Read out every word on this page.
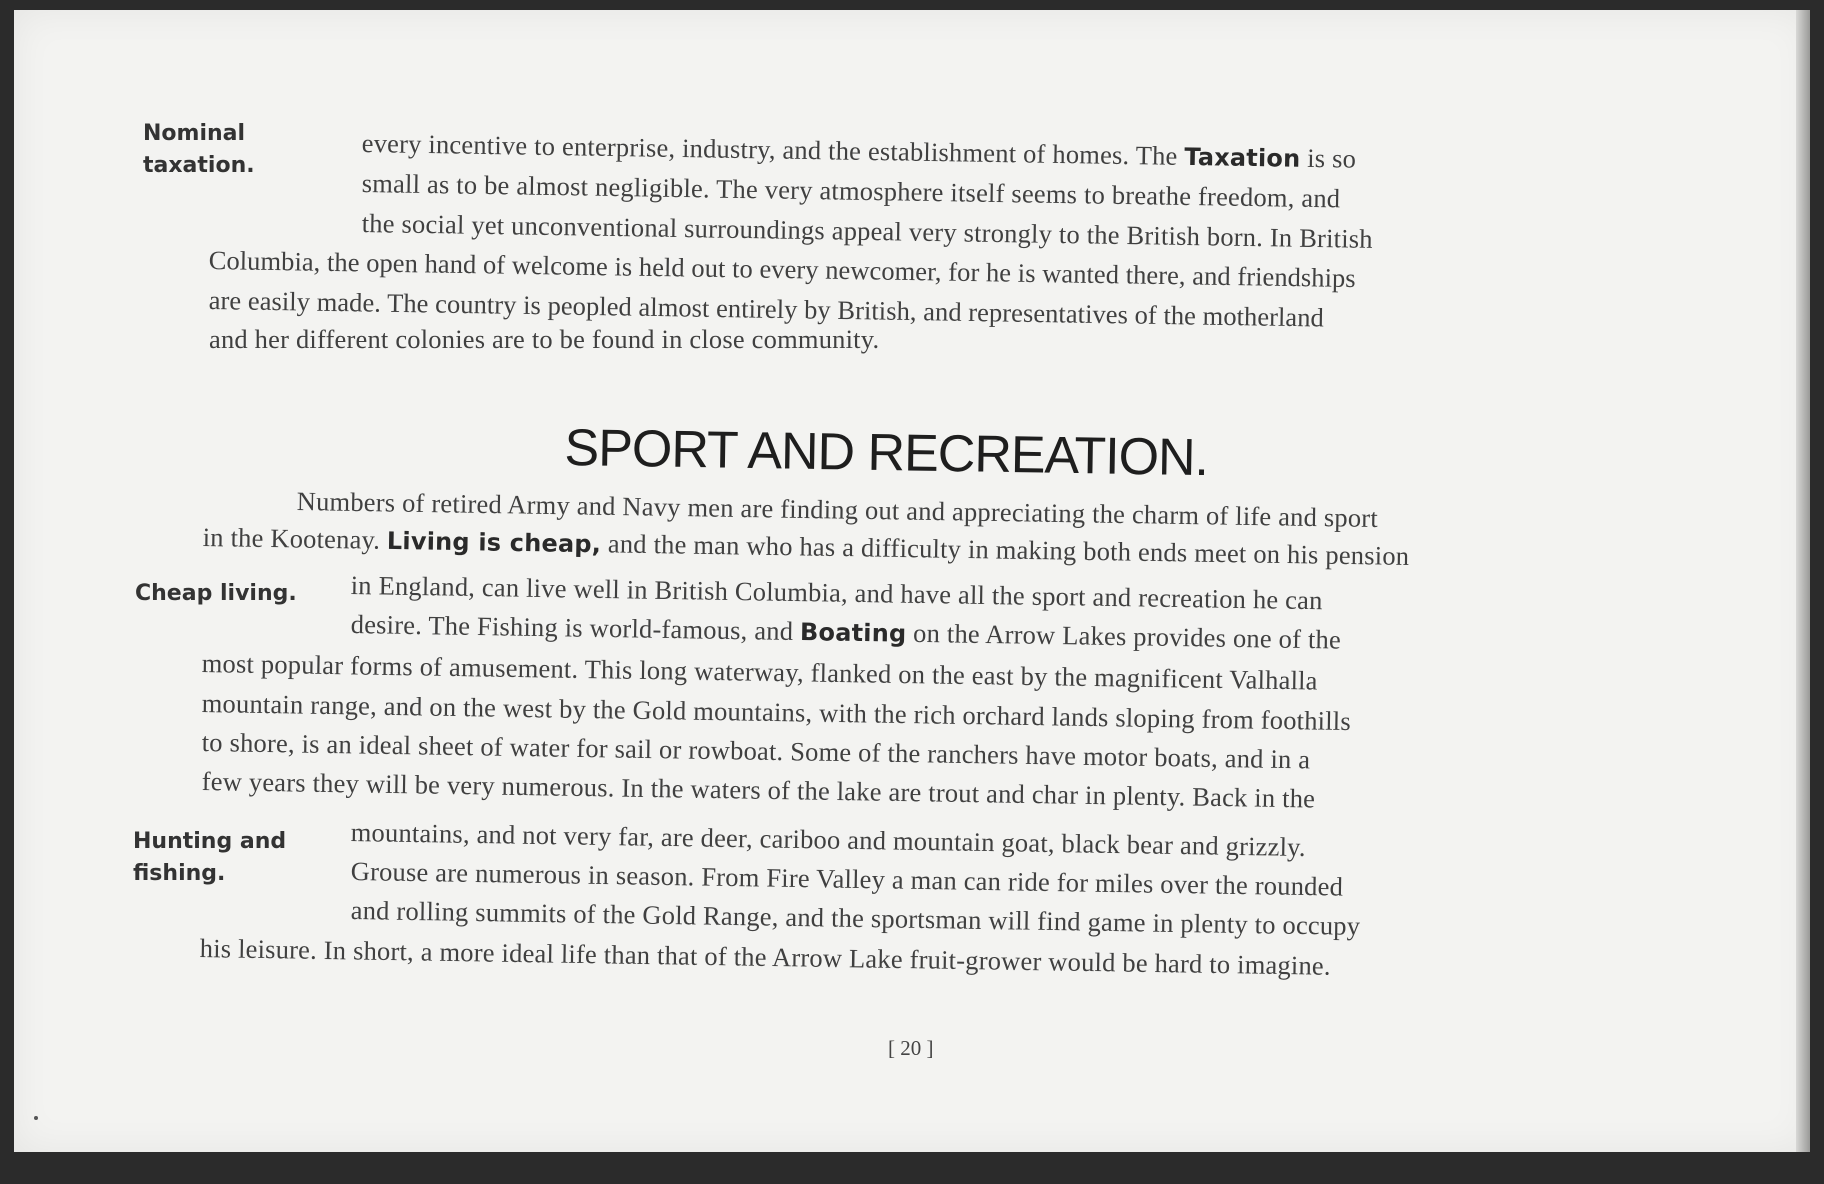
Nominal
taxation.
Cheap living.
Hunting and
fishing.
every incentive to enterprise, industry, and the establishment of homes. The Taxation is so
small as to be almost negligible. The very atmosphere itself seems to breathe freedom, and
the social yet unconventional surroundings appeal very strongly to the British born. In British
Columbia, the open hand of welcome is held out to every newcomer, for he is wanted there, and friendships
are easily made. The country is peopled almost entirely by British, and representatives of the motherland
and her different colonies are to be found in close community.
SPORT AND RECREATION.
Numbers of retired Army and Navy men are finding out and appreciating the charm of life and sport
in the Kootenay. Living is cheap, and the man who has a difficulty in making both ends meet on his pension
in England, can live well in British Columbia, and have all the sport and recreation he can
desire. The Fishing is world-famous, and Boating on the Arrow Lakes provides one of the
most popular forms of amusement. This long waterway, flanked on the east by the magnificent Valhalla
mountain range, and on the west by the Gold mountains, with the rich orchard lands sloping from foothills
to shore, is an ideal sheet of water for sail or rowboat. Some of the ranchers have motor boats, and in a
few years they will be very numerous. In the waters of the lake are trout and char in plenty. Back in the
mountains, and not very far, are deer, cariboo and mountain goat, black bear and grizzly.
Grouse are numerous in season. From Fire Valley a man can ride for miles over the rounded
and rolling summits of the Gold Range, and the sportsman will find game in plenty to occupy
his leisure. In short, a more ideal life than that of the Arrow Lake fruit-grower would be hard to imagine.
[ 20 ]
